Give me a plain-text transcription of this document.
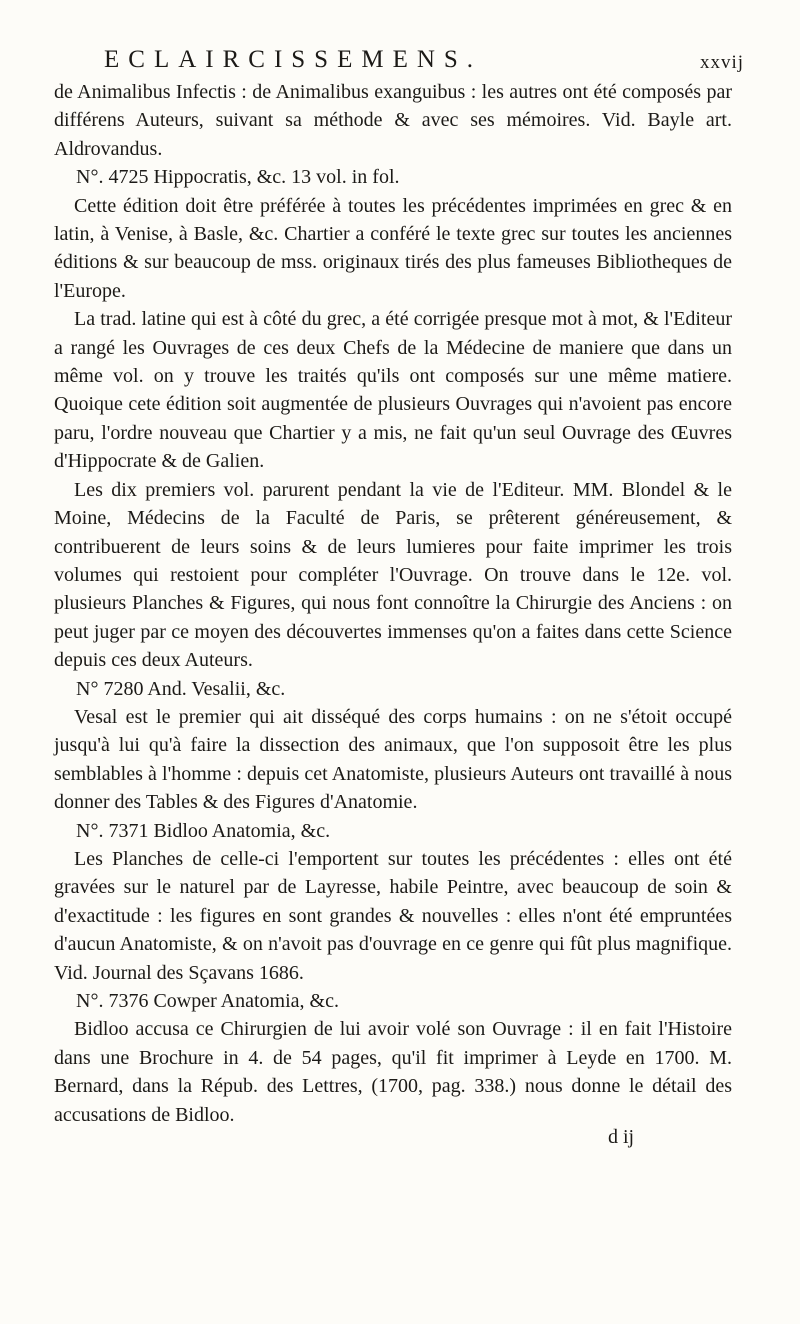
ECLAIRCISSEMENS.	xxvij

de Animalibus Infectis : de Animalibus exanguibus : les autres ont été composés par différens Auteurs, suivant sa méthode & avec ses mémoires. Vid. Bayle art. Aldrovandus.

N°. 4725 Hippocratis, &c. 13 vol. in fol.

Cette édition doit être préférée à toutes les précédentes imprimées en grec & en latin, à Venise, à Basle, &c. Chartier a conféré le texte grec sur toutes les anciennes éditions & sur beaucoup de mss. originaux tirés des plus fameuses Bibliotheques de l'Europe.

La trad. latine qui est à côté du grec, a été corrigée presque mot à mot, & l'Editeur a rangé les Ouvrages de ces deux Chefs de la Médecine de maniere que dans un même vol. on y trouve les traités qu'ils ont composés sur une même matiere. Quoique cete édition soit augmentée de plusieurs Ouvrages qui n'avoient pas encore paru, l'ordre nouveau que Chartier y a mis, ne fait qu'un seul Ouvrage des Œuvres d'Hippocrate & de Galien.

Les dix premiers vol. parurent pendant la vie de l'Editeur. MM. Blondel & le Moine, Médecins de la Faculté de Paris, se prêterent généreusement, & contribuerent de leurs soins & de leurs lumieres pour faite imprimer les trois volumes qui restoient pour compléter l'Ouvrage. On trouve dans le 12e. vol. plusieurs Planches & Figures, qui nous font connoître la Chirurgie des Anciens : on peut juger par ce moyen des découvertes immenses qu'on a faites dans cette Science depuis ces deux Auteurs.

N° 7280 And. Vesalii, &c.

Vesal est le premier qui ait disséqué des corps humains : on ne s'étoit occupé jusqu'à lui qu'à faire la dissection des animaux, que l'on supposoit être les plus semblables à l'homme : depuis cet Anatomiste, plusieurs Auteurs ont travaillé à nous donner des Tables & des Figures d'Anatomie.

N°. 7371 Bidloo Anatomia, &c.

Les Planches de celle-ci l'emportent sur toutes les précédentes : elles ont été gravées sur le naturel par de Layresse, habile Peintre, avec beaucoup de soin & d'exactitude : les figures en sont grandes & nouvelles : elles n'ont été empruntées d'aucun Anatomiste, & on n'avoit pas d'ouvrage en ce genre qui fût plus magnifique. Vid. Journal des Sçavans 1686.

N°. 7376 Cowper Anatomia, &c.

Bidloo accusa ce Chirurgien de lui avoir volé son Ouvrage : il en fait l'Histoire dans une Brochure in 4. de 54 pages, qu'il fit imprimer à Leyde en 1700. M. Bernard, dans la Répub. des Lettres, (1700, pag. 338.) nous donne le détail des accusations de Bidloo.

d ij
